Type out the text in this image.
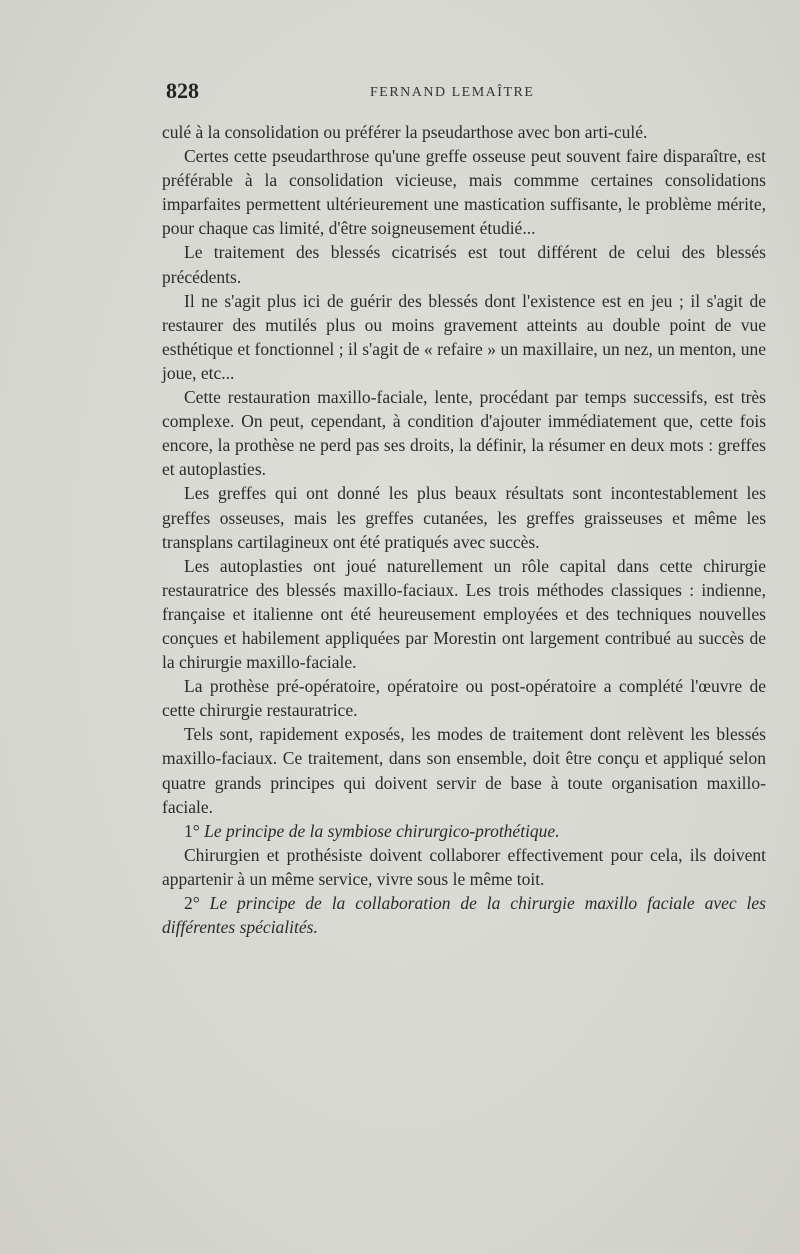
828	FERNAND LEMAÎTRE

culé à la consolidation ou préférer la pseudarthose avec bon arti-culé.

Certes cette pseudarthrose qu'une greffe osseuse peut souvent faire disparaître, est préférable à la consolidation vicieuse, mais commme certaines consolidations imparfaites permettent ultérieurement une mastication suffisante, le problème mérite, pour chaque cas limité, d'être soigneusement étudié...

Le traitement des blessés cicatrisés est tout différent de celui des blessés précédents.

Il ne s'agit plus ici de guérir des blessés dont l'existence est en jeu ; il s'agit de restaurer des mutilés plus ou moins gravement atteints au double point de vue esthétique et fonctionnel ; il s'agit de « refaire » un maxillaire, un nez, un menton, une joue, etc...

Cette restauration maxillo-faciale, lente, procédant par temps successifs, est très complexe. On peut, cependant, à condition d'ajouter immédiatement que, cette fois encore, la prothèse ne perd pas ses droits, la définir, la résumer en deux mots : greffes et autoplasties.

Les greffes qui ont donné les plus beaux résultats sont incontestablement les greffes osseuses, mais les greffes cutanées, les greffes graisseuses et même les transplans cartilagineux ont été pratiqués avec succès.

Les autoplasties ont joué naturellement un rôle capital dans cette chirurgie restauratrice des blessés maxillo-faciaux. Les trois méthodes classiques : indienne, française et italienne ont été heureusement employées et des techniques nouvelles conçues et habilement appliquées par Morestin ont largement contribué au succès de la chirurgie maxillo-faciale.

La prothèse pré-opératoire, opératoire ou post-opératoire a complété l'œuvre de cette chirurgie restauratrice.

Tels sont, rapidement exposés, les modes de traitement dont relèvent les blessés maxillo-faciaux. Ce traitement, dans son ensemble, doit être conçu et appliqué selon quatre grands principes qui doivent servir de base à toute organisation maxillo-faciale.

1° Le principe de la symbiose chirurgico-prothétique.

Chirurgien et prothésiste doivent collaborer effectivement pour cela, ils doivent appartenir à un même service, vivre sous le même toit.

2° Le principe de la collaboration de la chirurgie maxillo faciale avec les différentes spécialités.
